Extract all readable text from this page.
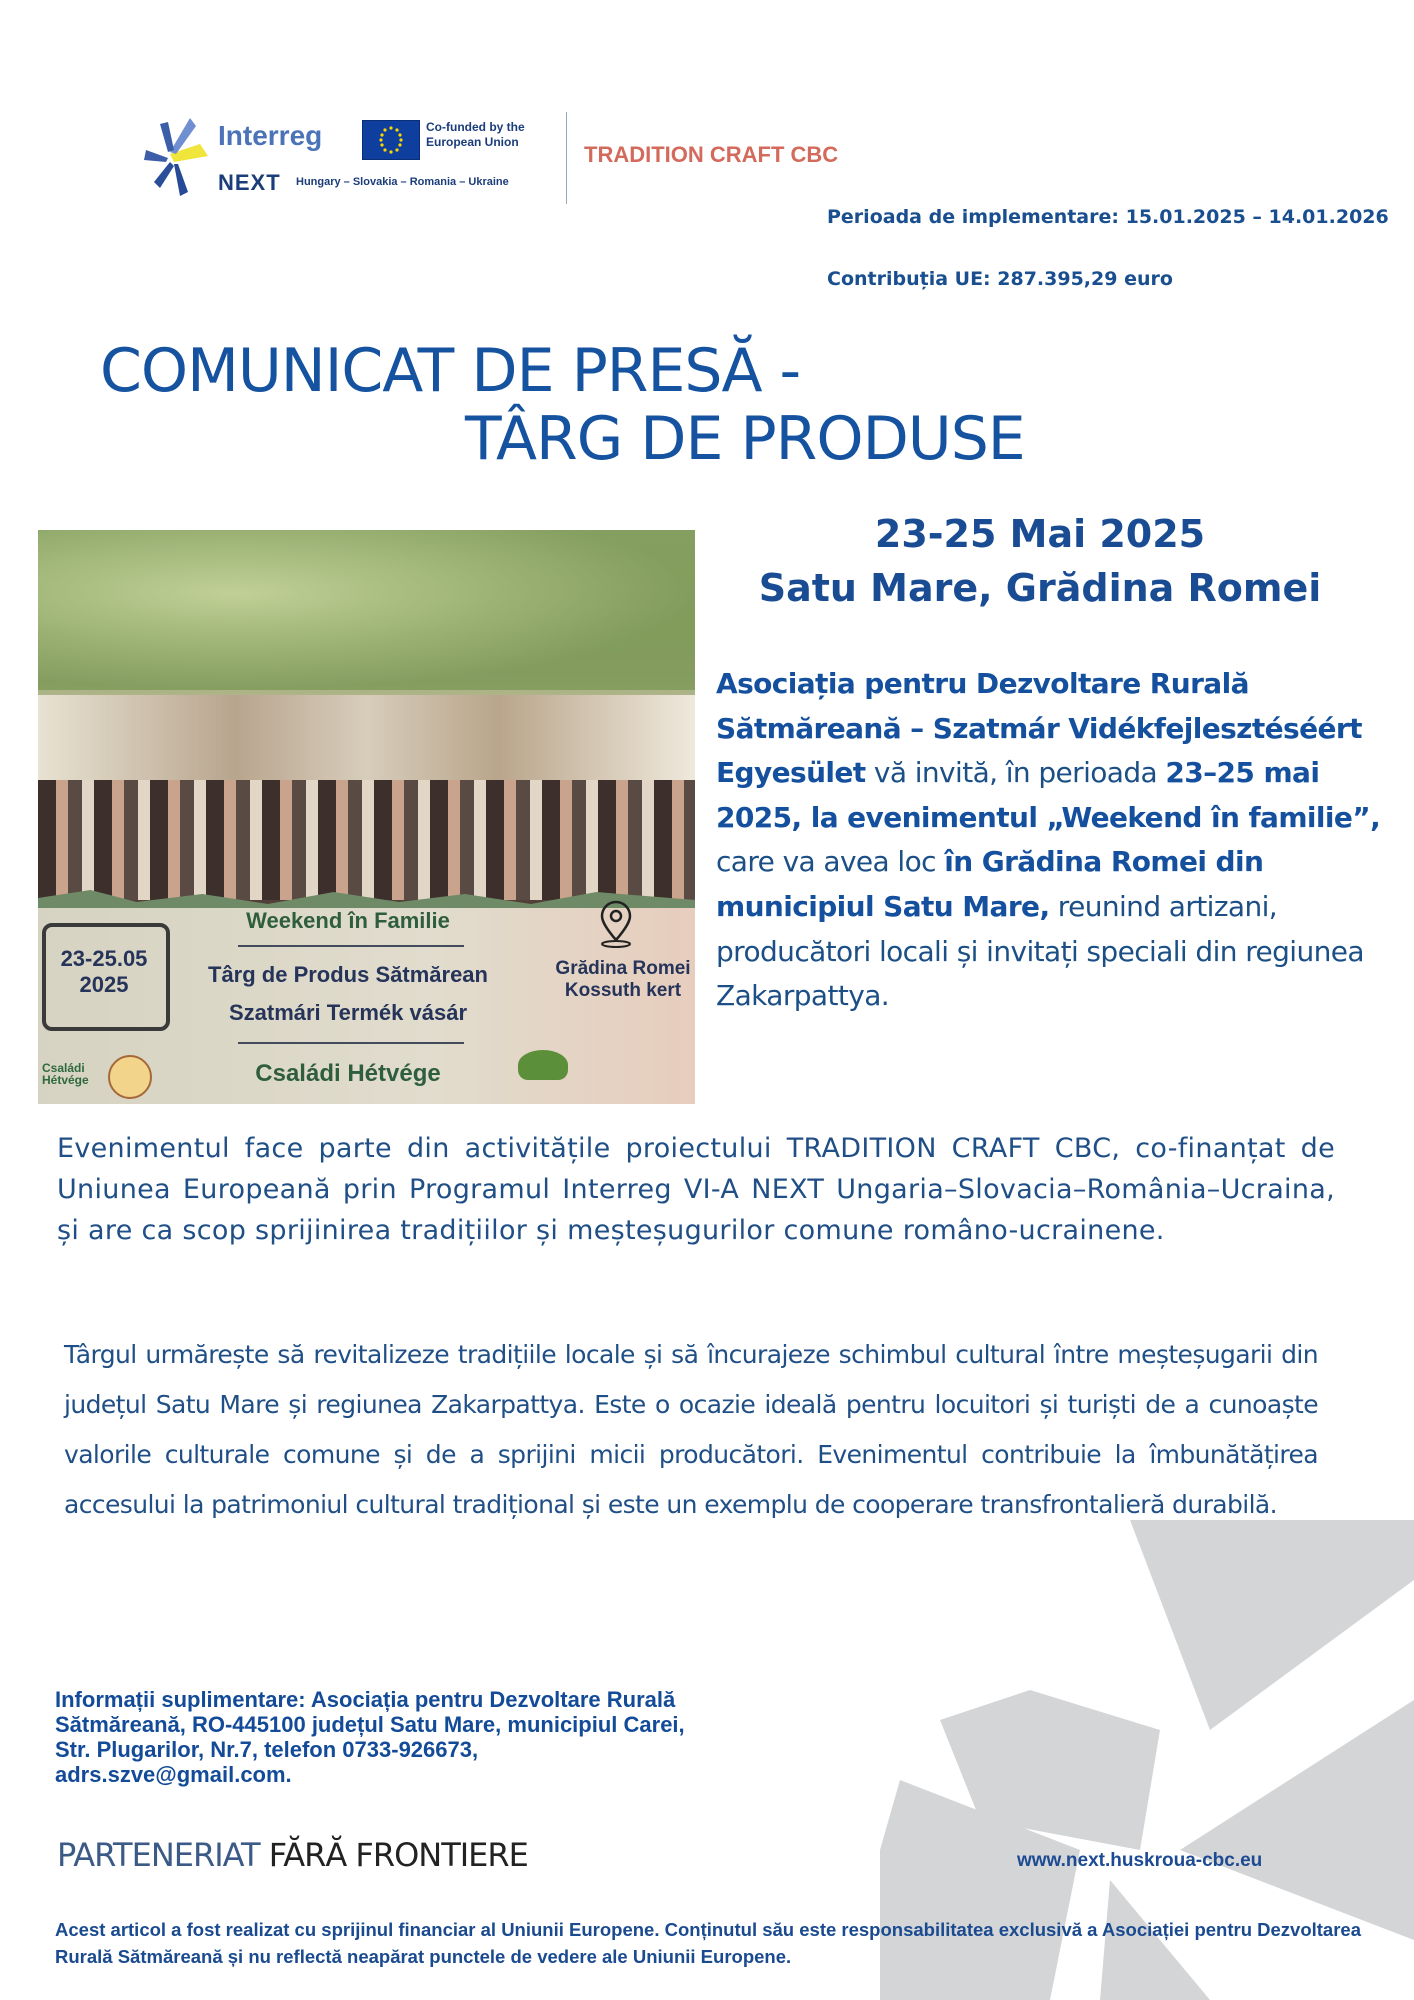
Interreg	Co-funded by the European Union
NEXT Hungary – Slovakia – Romania – Ukraine
TRADITION CRAFT CBC
Perioada de implementare: 15.01.2025 – 14.01.2026
Contribuția UE: 287.395,29 euro
COMUNICAT DE PRESĂ -
TÂRG DE PRODUSE
23-25.05
2025
Weekend în Familie
Târg de Produs Sătmărean
Szatmári Termék vásár
Családi Hétvége
Grădina Romei
Kossuth kert
Családi Hétvége
23-25 Mai 2025
Satu Mare, Grădina Romei
Asociația pentru Dezvoltare Rurală Sătmăreană – Szatmár Vidékfejlesztéséért Egyesület vă invită, în perioada 23–25 mai 2025, la evenimentul „Weekend în familie”, care va avea loc în Grădina Romei din municipiul Satu Mare, reunind artizani, producători locali și invitați speciali din regiunea Zakarpattya.
Evenimentul face parte din activitățile proiectului TRADITION CRAFT CBC, co-finanțat de Uniunea Europeană prin Programul Interreg VI-A NEXT Ungaria–Slovacia–România–Ucraina, și are ca scop sprijinirea tradițiilor și meșteșugurilor comune româno-ucrainene.
Târgul urmărește să revitalizeze tradițiile locale și să încurajeze schimbul cultural între meșteșugarii din județul Satu Mare și regiunea Zakarpattya. Este o ocazie ideală pentru locuitori și turiști de a cunoaște valorile culturale comune și de a sprijini micii producători. Evenimentul contribuie la îmbunătățirea accesului la patrimoniul cultural tradițional și este un exemplu de cooperare transfrontalieră durabilă.
Informații suplimentare: Asociația pentru Dezvoltare Rurală
Sătmăreană, RO-445100 județul Satu Mare, municipiul Carei,
Str. Plugarilor, Nr.7, telefon 0733-926673,
adrs.szve@gmail.com.
PARTENERIAT FĂRĂ FRONTIERE	www.next.huskroua-cbc.eu
Acest articol a fost realizat cu sprijinul financiar al Uniunii Europene. Conținutul său este responsabilitatea exclusivă a Asociației pentru Dezvoltarea Rurală Sătmăreană și nu reflectă neapărat punctele de vedere ale Uniunii Europene.
